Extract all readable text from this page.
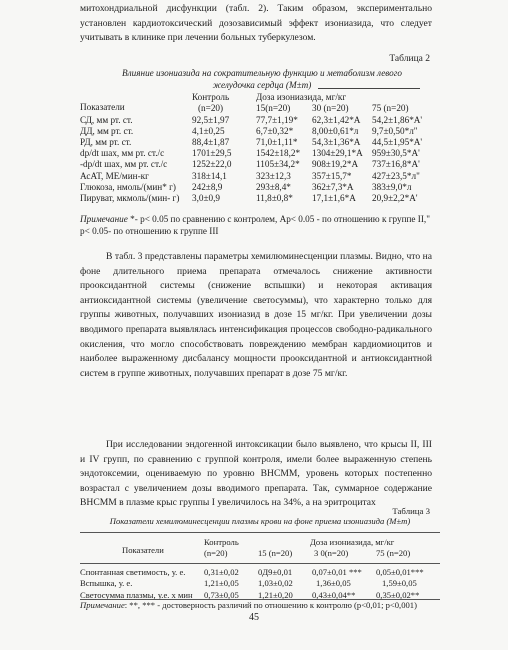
митохондриальной дисфункции (табл. 2). Таким образом, экспериментально установлен кардиотоксический дозозависимый эффект изониазида, что следует учитывать в клинике при лечении больных туберкулезом.
Таблица 2
Влияние изониазида на сократительную функцию и метаболизм левого желудочка сердца (M±m)
Показатели
Контроль
(n=20)
Доза изониазида, мг/кг
15(n=20) 30 (n=20)	75 (n=20)
СД, мм рт. ст.	92,5±1,97	77,7±1,19* 62,3±1,42*А 54,2±1,86*А'
ДД, мм рт. ст.	4,1±0,25	6,7±0,32* 8,00±0,61*л 9,7±0,50*л"
РД, мм рт. ст.	88,4±1,87	71,0±1,11* 54,3±1,36*А 44,5±1,95*А'
dp/dt шах, мм рт. ст./с	1701±29,5	1542±18,2* 1304±29,1*А 959±30,5*А'
-dp/dt шах, мм рт. ст./с	1252±22,0	1105±34,2* 908±19,2*А 737±16,8*А'
АсАТ, МЕ/мин-кг	318±14,1	323±12,3 357±15,7* 427±23,5*л"
Глюкоза, нмоль/(мин* г) 242±8,9	293±8,4* 362±7,3*А 383±9,0*л
Пируват, мкмоль/(мин- г) 3,0±0,9	11,8±0,8* 17,1±1,6*А 20,9±2,2*А'
Примечание *- р< 0.05 по сравнению с контролем, Ар< 0.05 - по отношению к группе II," р< 0.05- по отношению к группе III
В табл. 3 представлены параметры хемилюминесценции плазмы. Видно, что на фоне длительного приема препарата отмечалось снижение активности прооксидантной системы (снижение вспышки) и некоторая активация антиоксидантной системы (увеличение светосуммы), что характерно только для группы животных, получавших изониазид в дозе 15 мг/кг. При увеличении дозы вводимого препарата выявлялась интенсификация процессов свободно-радикального окисления, что могло способствовать повреждению мембран кардиомиоцитов и наиболее выраженному дисбалансу мощности прооксидантной и антиоксидантной систем в группе животных, получавших препарат в дозе 75 мг/кг.
При исследовании эндогенной интоксикации было выявлено, что крысы II, III и IV групп, по сравнению с группой контроля, имели более выраженную степень эндотоксемии, оцениваемую по уровню ВНСММ, уровень которых постепенно возрастал с увеличением дозы вводимого препарата. Так, суммарное содержание ВНСММ в плазме крыс группы I увеличилось на 34%, а на эритроцитах
Таблица 3
Показатели хемилюминесценции плазмы крови на фоне приема изониазида (M±m)
Показатели
Контроль
(n=20)
Доза изониазида, мг/кг
15 (n=20)	3 0(n=20)	75 (n=20)
Спонтанная светимость, у. е. 0,31±0,02 0Д9±0,01 0,07±0,01 *** 0,05±0,01***
Вспышка, у. е.	1,21±0,05 1,03±0,02	1,36±0,05	1,59±0,05
Светосумма плазмы, у.е. х мин 0,73±0,05 1,21±0,20 0,43±0,04** 0,35±0,02**
Примечание: **, *** - достоверность различий по отношению к контролю (р<0,01; р<0,001)
45
